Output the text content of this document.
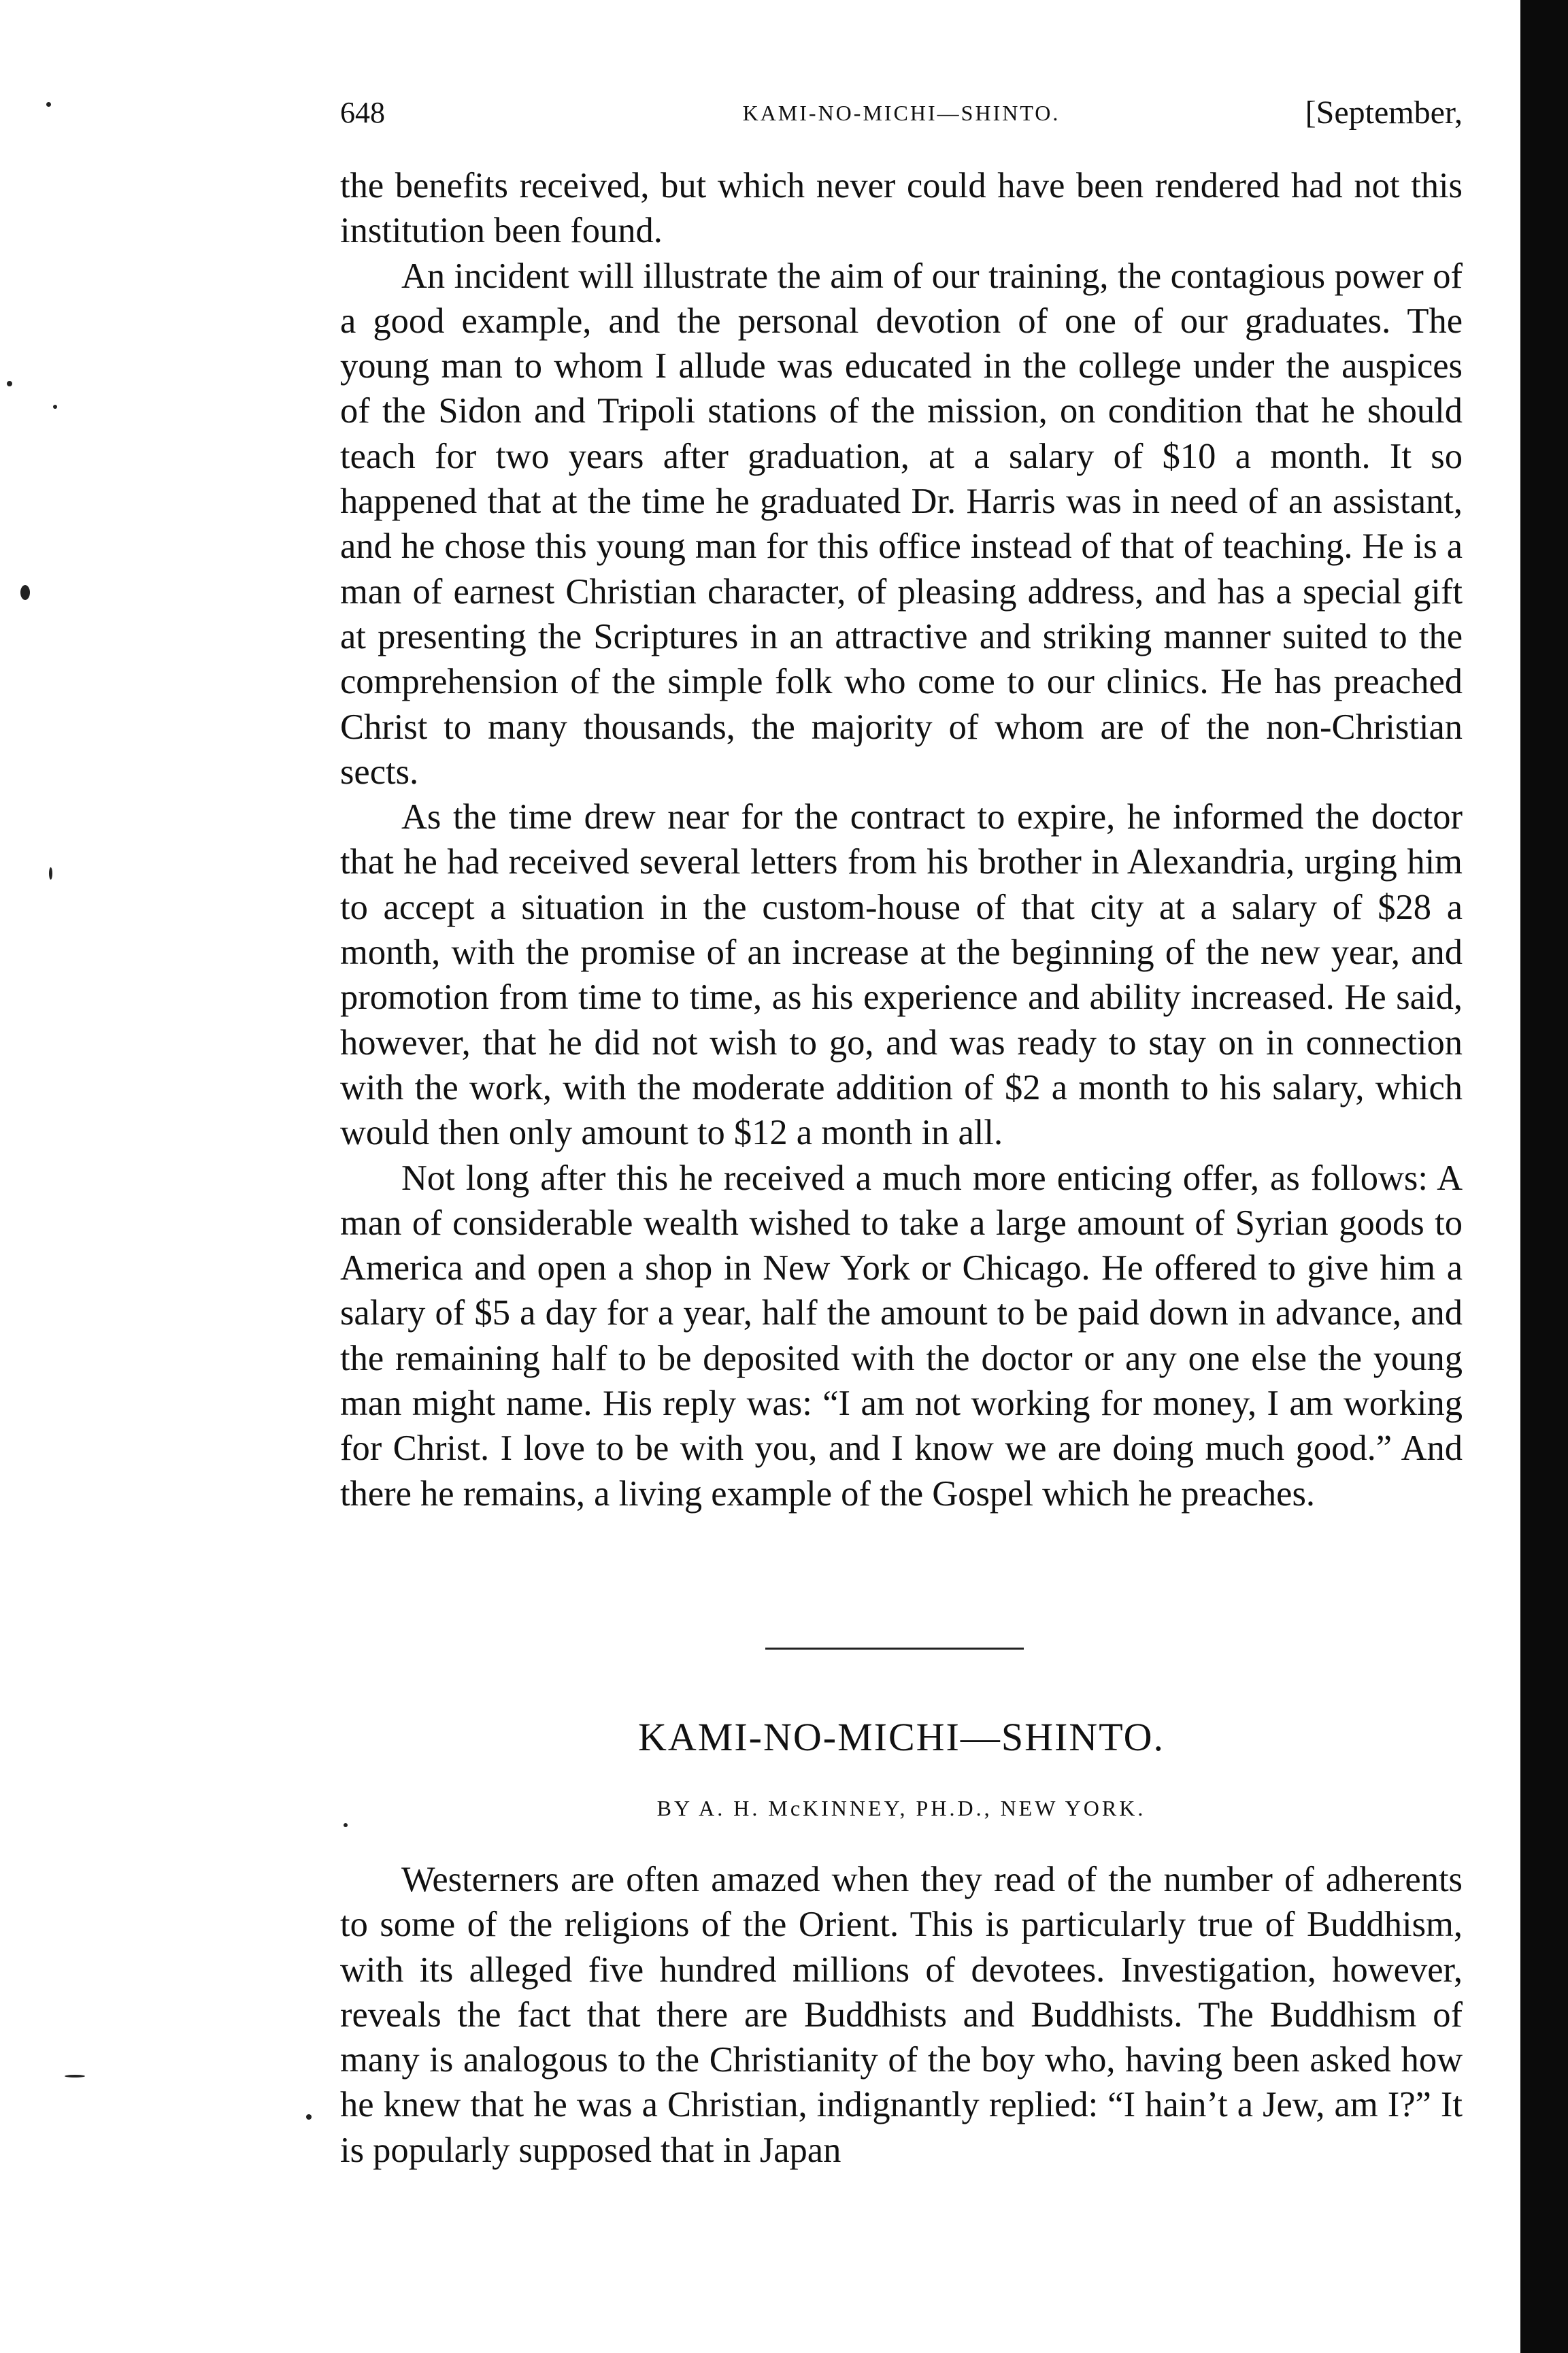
648	KAMI-NO-MICHI—SHINTO.	[September,

the benefits received, but which never could have been rendered had not this institution been found.

An incident will illustrate the aim of our training, the contagious power of a good example, and the personal devotion of one of our graduates. The young man to whom I allude was educated in the college under the auspices of the Sidon and Tripoli stations of the mission, on condition that he should teach for two years after graduation, at a salary of $10 a month. It so happened that at the time he graduated Dr. Harris was in need of an assistant, and he chose this young man for this office instead of that of teaching. He is a man of earnest Christian character, of pleasing address, and has a special gift at presenting the Scriptures in an attractive and striking manner suited to the comprehension of the simple folk who come to our clinics. He has preached Christ to many thousands, the majority of whom are of the non-Christian sects.

As the time drew near for the contract to expire, he informed the doctor that he had received several letters from his brother in Alexandria, urging him to accept a situation in the custom-house of that city at a salary of $28 a month, with the promise of an increase at the beginning of the new year, and promotion from time to time, as his experience and ability increased. He said, however, that he did not wish to go, and was ready to stay on in connection with the work, with the moderate addition of $2 a month to his salary, which would then only amount to $12 a month in all.

Not long after this he received a much more enticing offer, as follows: A man of considerable wealth wished to take a large amount of Syrian goods to America and open a shop in New York or Chicago. He offered to give him a salary of $5 a day for a year, half the amount to be paid down in advance, and the remaining half to be deposited with the doctor or any one else the young man might name. His reply was: “I am not working for money, I am working for Christ. I love to be with you, and I know we are doing much good.” And there he remains, a living example of the Gospel which he preaches.

KAMI-NO-MICHI—SHINTO.
BY A. H. McKINNEY, PH.D., NEW YORK.

Westerners are often amazed when they read of the number of adherents to some of the religions of the Orient. This is particularly true of Buddhism, with its alleged five hundred millions of devotees. Investigation, however, reveals the fact that there are Buddhists and Buddhists. The Buddhism of many is analogous to the Christianity of the boy who, having been asked how he knew that he was a Christian, indignantly replied: “I hain’t a Jew, am I?” It is popularly supposed that in Japan
